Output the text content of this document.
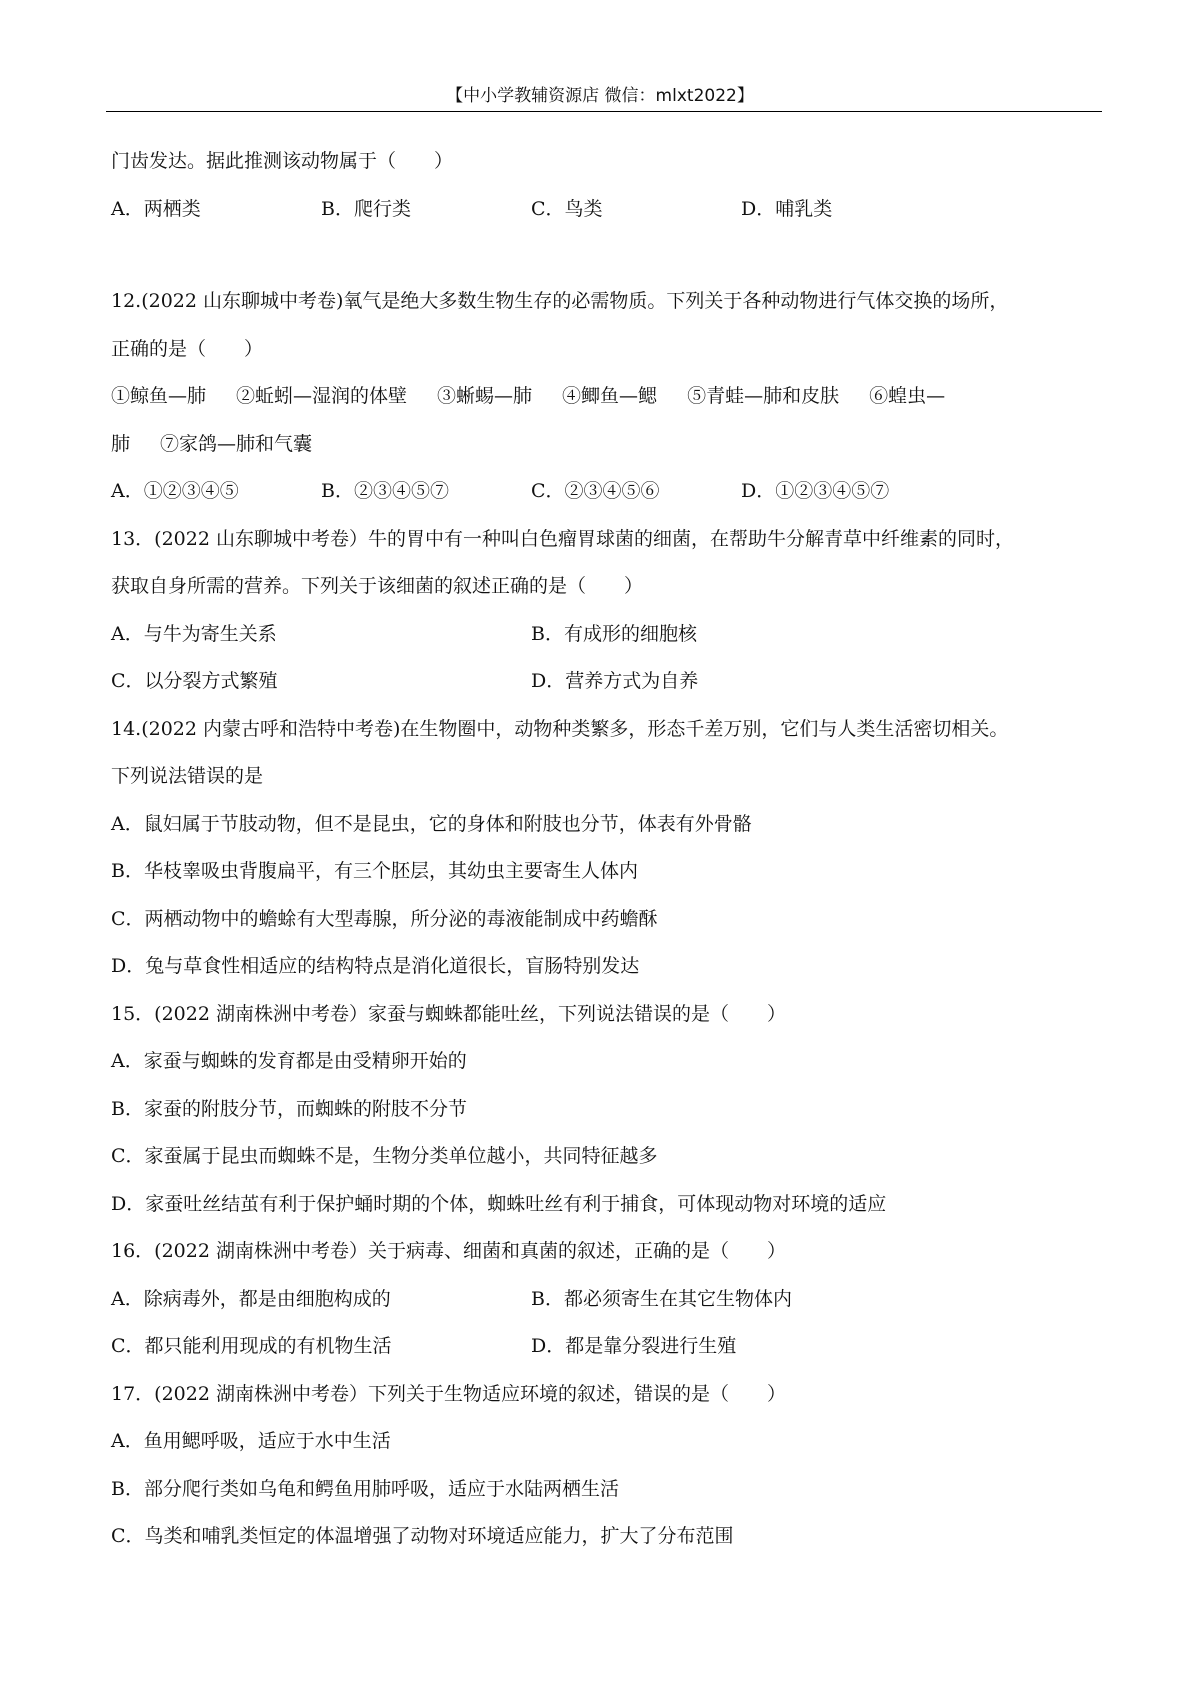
【中小学教辅资源店 微信：mlxt2022】
门齿发达。据此推测该动物属于（　　）
A．两栖类	B．爬行类	C．鸟类	D．哺乳类
12.(2022 山东聊城中考卷)氧气是绝大多数生物生存的必需物质。下列关于各种动物进行气体交换的场所，
正确的是（　　）
①鲸鱼—肺 ②蚯蚓—湿润的体壁 ③蜥蜴—肺 ④鲫鱼—鳃 ⑤青蛙—肺和皮肤 ⑥蝗虫—
肺 ⑦家鸽—肺和气囊
A．①②③④⑤	B．②③④⑤⑦	C．②③④⑤⑥	D．①②③④⑤⑦
13．(2022 山东聊城中考卷）牛的胃中有一种叫白色瘤胃球菌的细菌，在帮助牛分解青草中纤维素的同时，
获取自身所需的营养。下列关于该细菌的叙述正确的是（　　）
A．与牛为寄生关系	B．有成形的细胞核
C．以分裂方式繁殖	D．营养方式为自养
14.(2022 内蒙古呼和浩特中考卷)在生物圈中，动物种类繁多，形态千差万别，它们与人类生活密切相关。
下列说法错误的是
A．鼠妇属于节肢动物，但不是昆虫，它的身体和附肢也分节，体表有外骨骼
B．华枝睾吸虫背腹扁平，有三个胚层，其幼虫主要寄生人体内
C．两栖动物中的蟾蜍有大型毒腺，所分泌的毒液能制成中药蟾酥
D．兔与草食性相适应的结构特点是消化道很长，盲肠特别发达
15．(2022 湖南株洲中考卷）家蚕与蜘蛛都能吐丝，下列说法错误的是（　　）
A．家蚕与蜘蛛的发育都是由受精卵开始的
B．家蚕的附肢分节，而蜘蛛的附肢不分节
C．家蚕属于昆虫而蜘蛛不是，生物分类单位越小，共同特征越多
D．家蚕吐丝结茧有利于保护蛹时期的个体，蜘蛛吐丝有利于捕食，可体现动物对环境的适应
16．(2022 湖南株洲中考卷）关于病毒、细菌和真菌的叙述，正确的是（　　）
A．除病毒外，都是由细胞构成的	B．都必须寄生在其它生物体内
C．都只能利用现成的有机物生活	D．都是靠分裂进行生殖
17．(2022 湖南株洲中考卷）下列关于生物适应环境的叙述，错误的是（　　）
A．鱼用鳃呼吸，适应于水中生活
B．部分爬行类如乌龟和鳄鱼用肺呼吸，适应于水陆两栖生活
C．鸟类和哺乳类恒定的体温增强了动物对环境适应能力，扩大了分布范围
